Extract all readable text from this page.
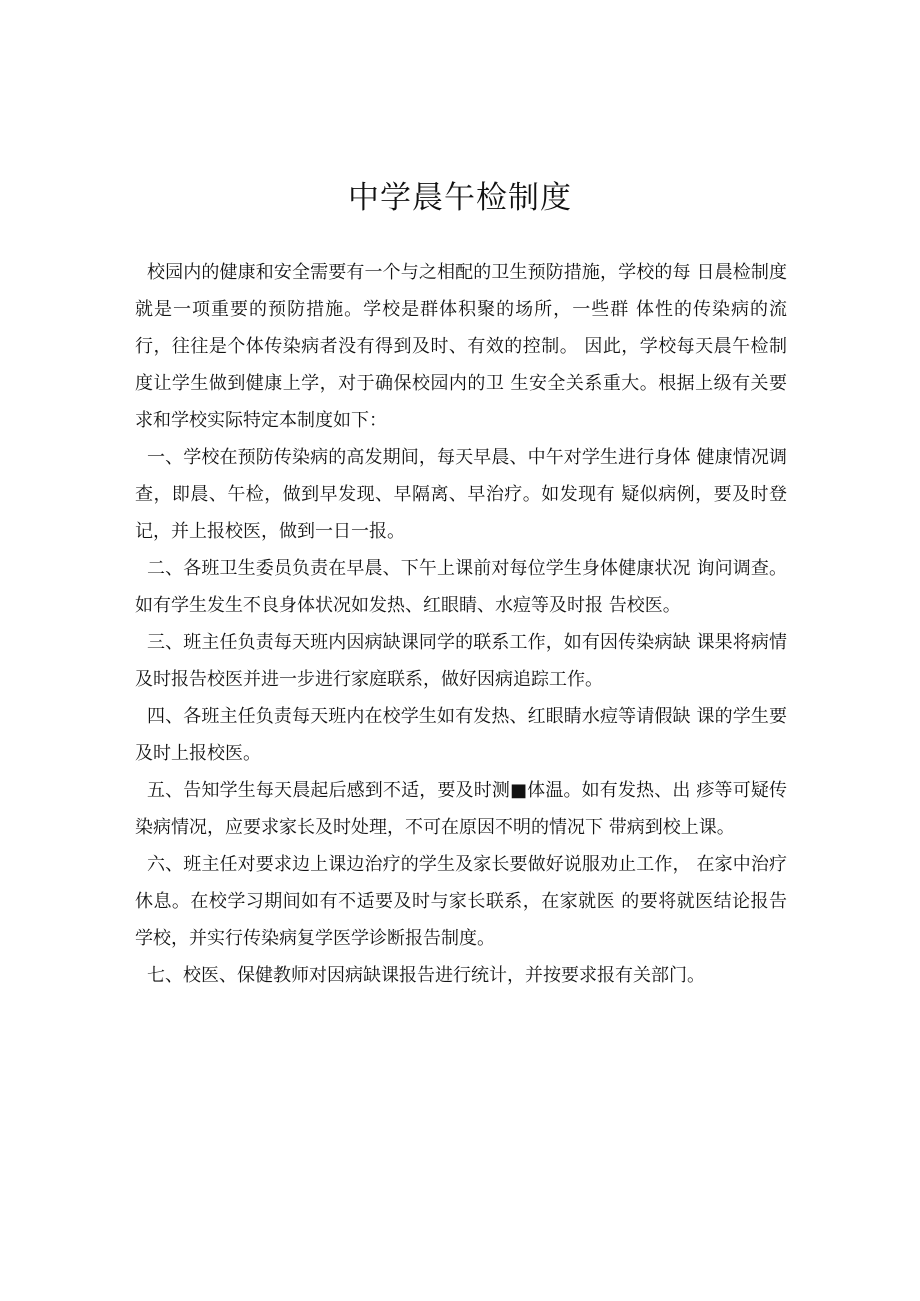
中学晨午检制度

校园内的健康和安全需要有一个与之相配的卫生预防措施，学校的每 日晨检制度就是一项重要的预防措施。学校是群体积聚的场所，一些群 体性的传染病的流行，往往是个体传染病者没有得到及时、有效的控制。 因此，学校每天晨午检制度让学生做到健康上学，对于确保校园内的卫 生安全关系重大。根据上级有关要求和学校实际特定本制度如下：

一、学校在预防传染病的高发期间，每天早晨、中午对学生进行身体 健康情况调查，即晨、午检，做到早发现、早隔离、早治疗。如发现有 疑似病例，要及时登记，并上报校医，做到一日一报。

二、各班卫生委员负责在早晨、下午上课前对每位学生身体健康状况 询问调查。如有学生发生不良身体状况如发热、红眼睛、水痘等及时报 告校医。

三、班主任负责每天班内因病缺课同学的联系工作，如有因传染病缺 课果将病情及时报告校医并进一步进行家庭联系，做好因病追踪工作。

四、各班主任负责每天班内在校学生如有发热、红眼睛水痘等请假缺 课的学生要及时上报校医。

五、告知学生每天晨起后感到不适，要及时测■体温。如有发热、出 疹等可疑传染病情况，应要求家长及时处理，不可在原因不明的情况下 带病到校上课。

六、班主任对要求边上课边治疗的学生及家长要做好说服劝止工作， 在家中治疗休息。在校学习期间如有不适要及时与家长联系，在家就医 的要将就医结论报告学校，并实行传染病复学医学诊断报告制度。

七、校医、保健教师对因病缺课报告进行统计，并按要求报有关部门。
